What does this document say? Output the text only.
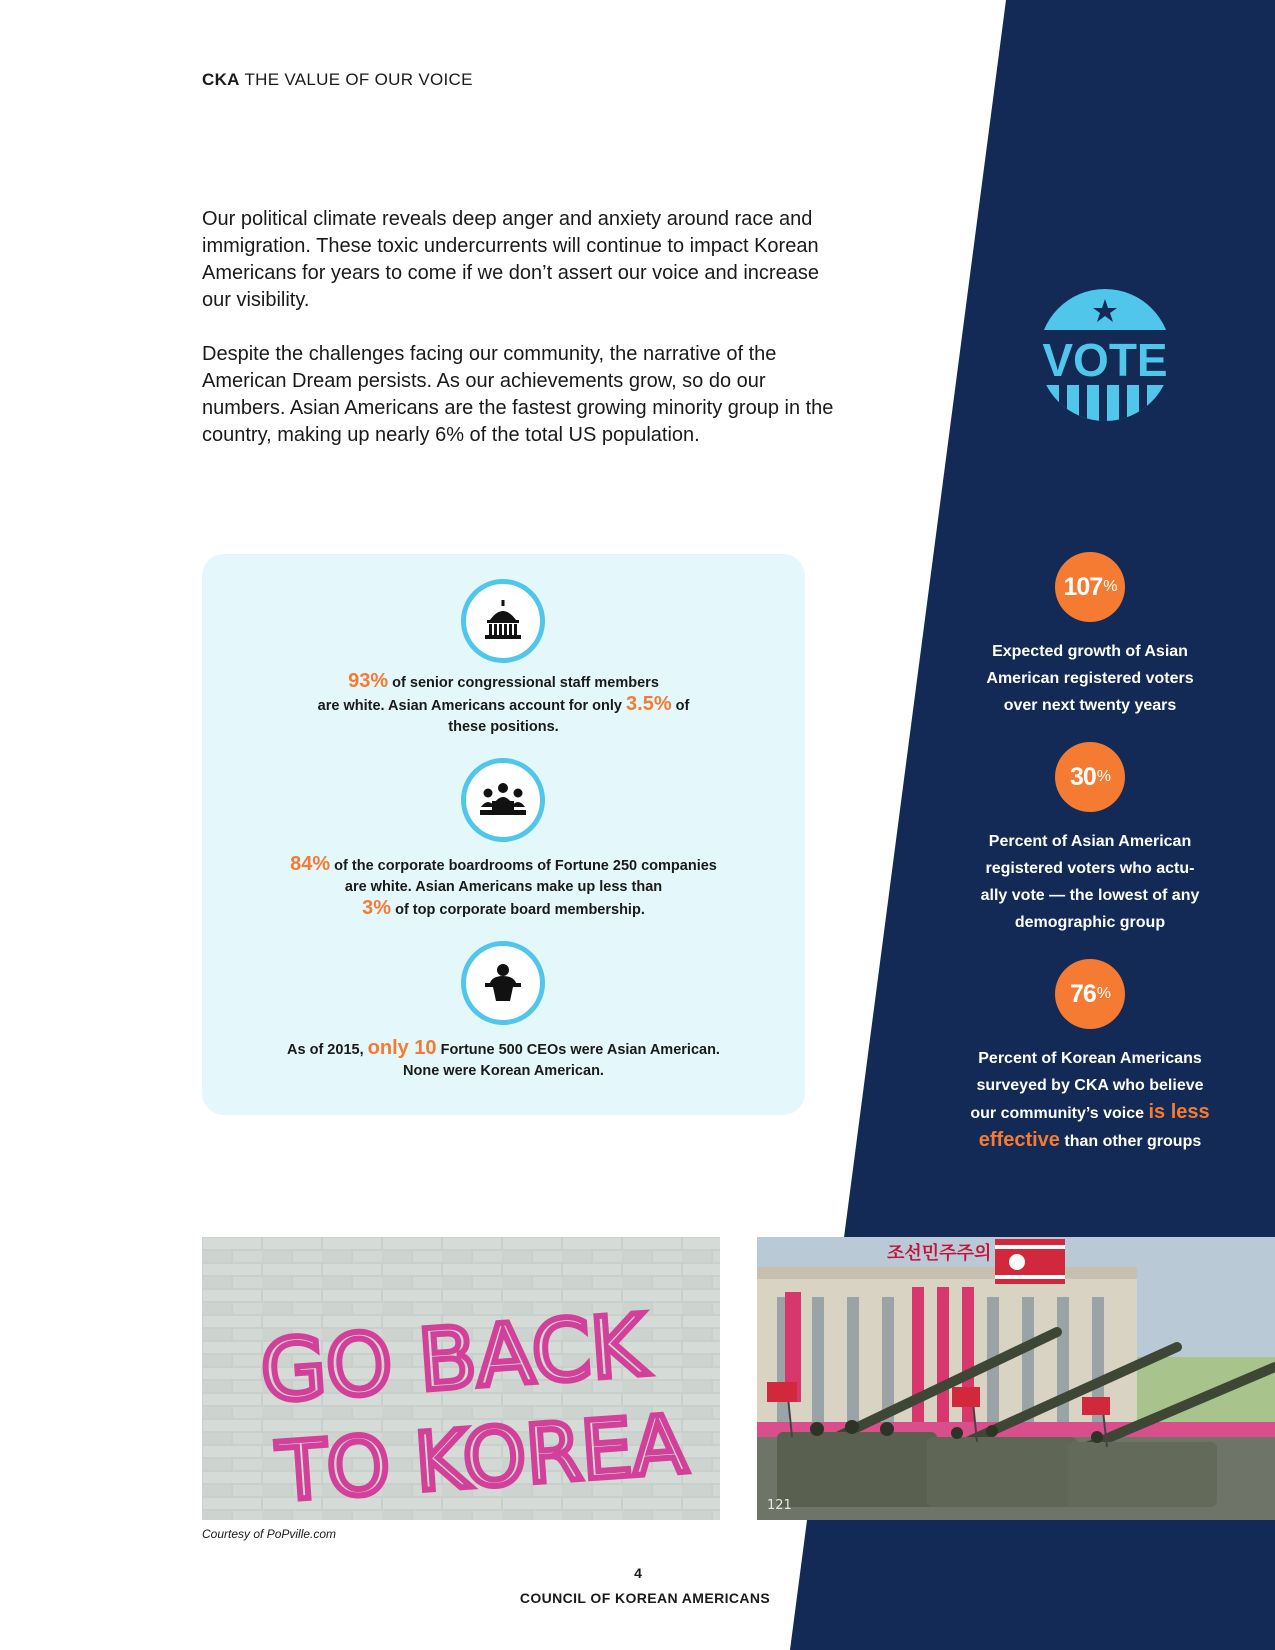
CKA THE VALUE OF OUR VOICE

Our political climate reveals deep anger and anxiety around race and immigration. These toxic undercurrents will continue to impact Korean Americans for years to come if we don’t assert our voice and increase our visibility.

Despite the challenges facing our community, the narrative of the American Dream persists. As our achievements grow, so do our numbers. Asian Americans are the fastest growing minority group in the country, making up nearly 6% of the total US population.

93% of senior congressional staff members
are white. Asian Americans account for only 3.5% of
these positions.
84% of the corporate boardrooms of Fortune 250 companies
are white. Asian Americans make up less than
3% of top corporate board membership.
As of 2015, only 10 Fortune 500 CEOs were Asian American.
None were Korean American.
VOTE
107 %
Expected growth of Asian
American registered voters
over next twenty years
30 %
Percent of Asian American
registered voters who actu-
ally vote — the lowest of any
demographic group
76 %
Percent of Korean Americans
surveyed by CKA who believe
our community’s voice is less
effective than other groups
GO BACK
TO KOREA
조선민주주의
121
Courtesy of PoPville.com
4
COUNCIL OF KOREAN AMERICANS
